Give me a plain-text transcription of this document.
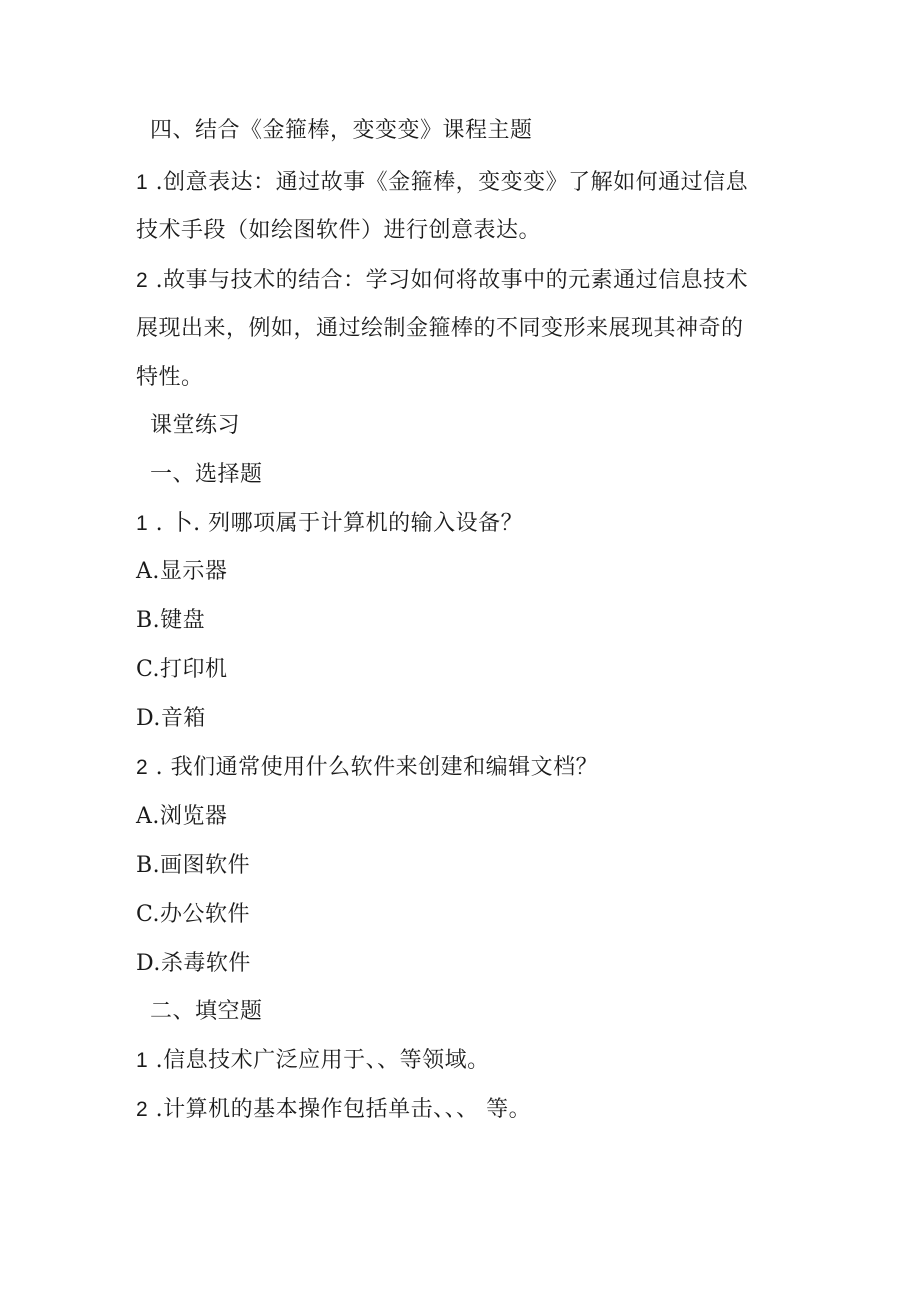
四、结合《金箍棒，变变变》课程主题
1 .创意表达：通过故事《金箍棒，变变变》了解如何通过信息
技术手段（如绘图软件）进行创意表达。
2 .故事与技术的结合：学习如何将故事中的元素通过信息技术
展现出来，例如，通过绘制金箍棒的不同变形来展现其神奇的
特性。
课堂练习
一、选择题
1 . 卜. 列哪项属于计算机的输入设备？
A.显示器
B.键盘
C.打印机
D.音箱
2 . 我们通常使用什么软件来创建和编辑文档？
A.浏览器
B.画图软件
C.办公软件
D.杀毒软件
二、填空题
1 .信息技术广泛应用于、、等领域。
2 .计算机的基本操作包括单击、、、 等。
